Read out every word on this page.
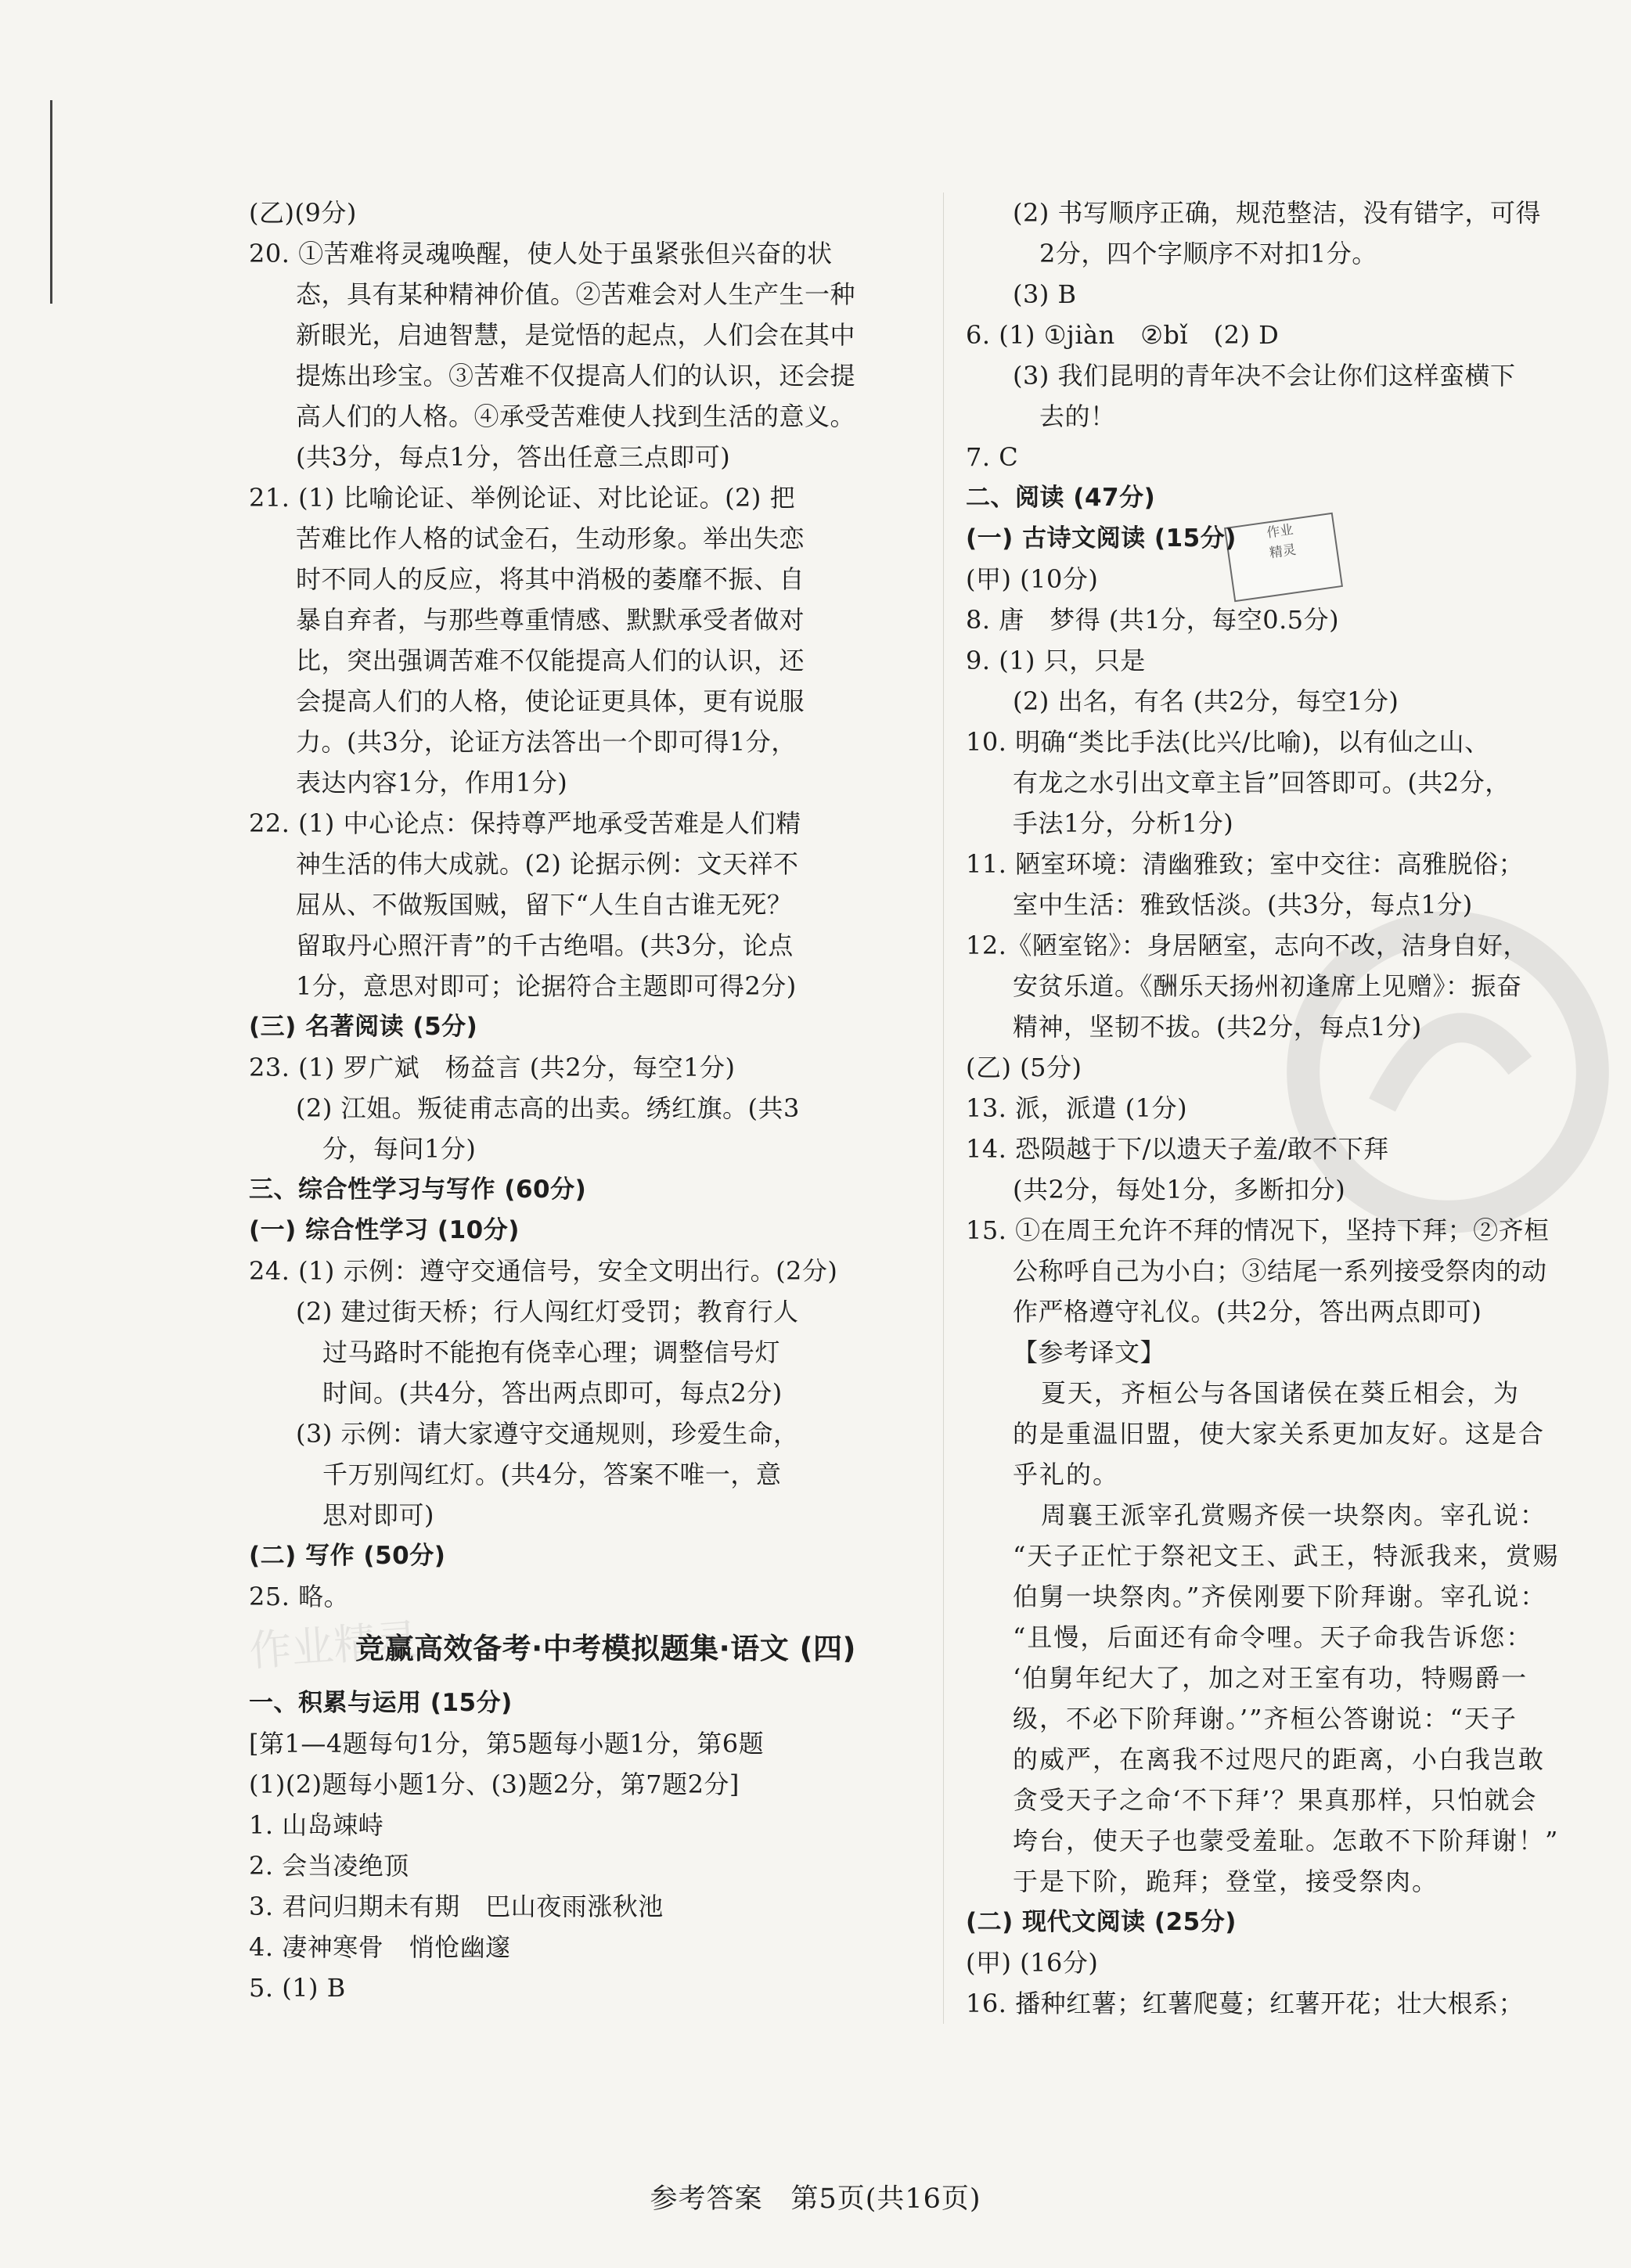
作业精灵
作业
精灵
(乙)(9分)
20. ①苦难将灵魂唤醒，使人处于虽紧张但兴奋的状
态，具有某种精神价值。②苦难会对人生产生一种
新眼光，启迪智慧，是觉悟的起点，人们会在其中
提炼出珍宝。③苦难不仅提高人们的认识，还会提
高人们的人格。④承受苦难使人找到生活的意义。
(共3分，每点1分，答出任意三点即可)
21. (1) 比喻论证、举例论证、对比论证。(2) 把
苦难比作人格的试金石，生动形象。举出失恋
时不同人的反应，将其中消极的萎靡不振、自
暴自弃者，与那些尊重情感、默默承受者做对
比，突出强调苦难不仅能提高人们的认识，还
会提高人们的人格，使论证更具体，更有说服
力。(共3分，论证方法答出一个即可得1分，
表达内容1分，作用1分)
22. (1) 中心论点：保持尊严地承受苦难是人们精
神生活的伟大成就。(2) 论据示例：文天祥不
屈从、不做叛国贼，留下“人生自古谁无死？
留取丹心照汗青”的千古绝唱。(共3分，论点
1分，意思对即可；论据符合主题即可得2分)
(三) 名著阅读 (5分)
23. (1) 罗广斌　杨益言 (共2分，每空1分)
(2) 江姐。叛徒甫志高的出卖。绣红旗。(共3
分，每问1分)
三、综合性学习与写作 (60分)
(一) 综合性学习 (10分)
24. (1) 示例：遵守交通信号，安全文明出行。(2分)
(2) 建过街天桥；行人闯红灯受罚；教育行人
过马路时不能抱有侥幸心理；调整信号灯
时间。(共4分，答出两点即可，每点2分)
(3) 示例：请大家遵守交通规则，珍爱生命，
千万别闯红灯。(共4分，答案不唯一，意
思对即可)
(二) 写作 (50分)
25. 略。
竞赢高效备考·中考模拟题集·语文 (四)
一、积累与运用 (15分)
[第1—4题每句1分，第5题每小题1分，第6题
(1)(2)题每小题1分、(3)题2分，第7题2分]
1. 山岛竦峙
2. 会当凌绝顶
3. 君问归期未有期　巴山夜雨涨秋池
4. 凄神寒骨　悄怆幽邃
5. (1) B
(2) 书写顺序正确，规范整洁，没有错字，可得
2分，四个字顺序不对扣1分。
(3) B
6. (1) ①jiàn　②bǐ　(2) D
(3) 我们昆明的青年决不会让你们这样蛮横下
去的！
7. C
二、阅读 (47分)
(一) 古诗文阅读 (15分)
(甲) (10分)
8. 唐　梦得 (共1分，每空0.5分)
9. (1) 只，只是
(2) 出名，有名 (共2分，每空1分)
10. 明确“类比手法(比兴/比喻)，以有仙之山、
有龙之水引出文章主旨”回答即可。(共2分，
手法1分，分析1分)
11. 陋室环境：清幽雅致；室中交往：高雅脱俗；
室中生活：雅致恬淡。(共3分，每点1分)
12.《陋室铭》：身居陋室，志向不改，洁身自好，
安贫乐道。《酬乐天扬州初逢席上见赠》：振奋
精神，坚韧不拔。(共2分，每点1分)
(乙) (5分)
13. 派，派遣 (1分)
14. 恐陨越于下/以遗天子羞/敢不下拜
(共2分，每处1分，多断扣分)
15. ①在周王允许不拜的情况下，坚持下拜；②齐桓
公称呼自己为小白；③结尾一系列接受祭肉的动
作严格遵守礼仪。(共2分，答出两点即可)
【参考译文】
夏天，齐桓公与各国诸侯在葵丘相会，为
的是重温旧盟，使大家关系更加友好。这是合
乎礼的。
周襄王派宰孔赏赐齐侯一块祭肉。宰孔说：
“天子正忙于祭祀文王、武王，特派我来，赏赐
伯舅一块祭肉。”齐侯刚要下阶拜谢。宰孔说：
“且慢，后面还有命令哩。天子命我告诉您：
‘伯舅年纪大了，加之对王室有功，特赐爵一
级，不必下阶拜谢。’”齐桓公答谢说：“天子
的威严，在离我不过咫尺的距离，小白我岂敢
贪受天子之命‘不下拜’？果真那样，只怕就会
垮台，使天子也蒙受羞耻。怎敢不下阶拜谢！”
于是下阶，跪拜；登堂，接受祭肉。
(二) 现代文阅读 (25分)
(甲) (16分)
16. 播种红薯；红薯爬蔓；红薯开花；壮大根系；
参考答案　第5页(共16页)
